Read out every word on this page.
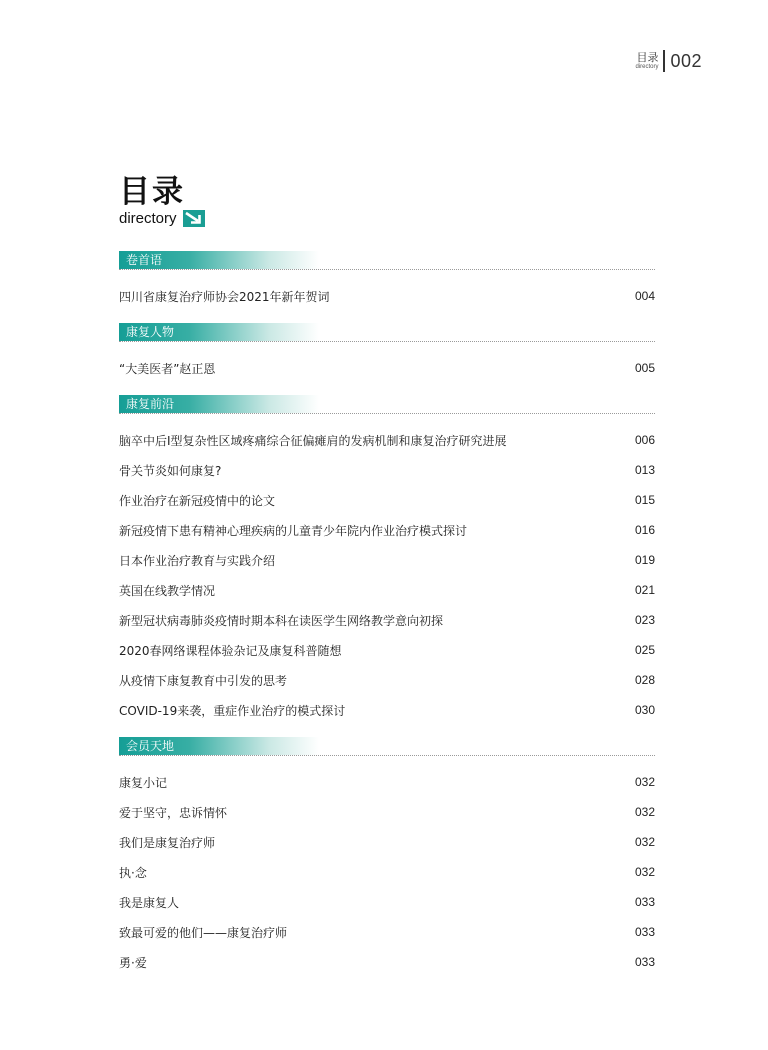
目录
directory 002
目录
directory
卷首语
四川省康复治疗师协会2021年新年贺词	004
康复人物
“大美医者”赵正恩	005
康复前沿
脑卒中后I型复杂性区域疼痛综合征偏瘫肩的发病机制和康复治疗研究进展	006
骨关节炎如何康复?	013
作业治疗在新冠疫情中的论文	015
新冠疫情下患有精神心理疾病的儿童青少年院内作业治疗模式探讨	016
日本作业治疗教育与实践介绍	019
英国在线教学情况	021
新型冠状病毒肺炎疫情时期本科在读医学生网络教学意向初探	023
2020春网络课程体验杂记及康复科普随想	025
从疫情下康复教育中引发的思考	028
COVID-19来袭，重症作业治疗的模式探讨	030
会员天地
康复小记	032
爱于坚守，忠诉情怀	032
我们是康复治疗师	032
执·念	032
我是康复人	033
致最可爱的他们——康复治疗师	033
勇·爱	033
